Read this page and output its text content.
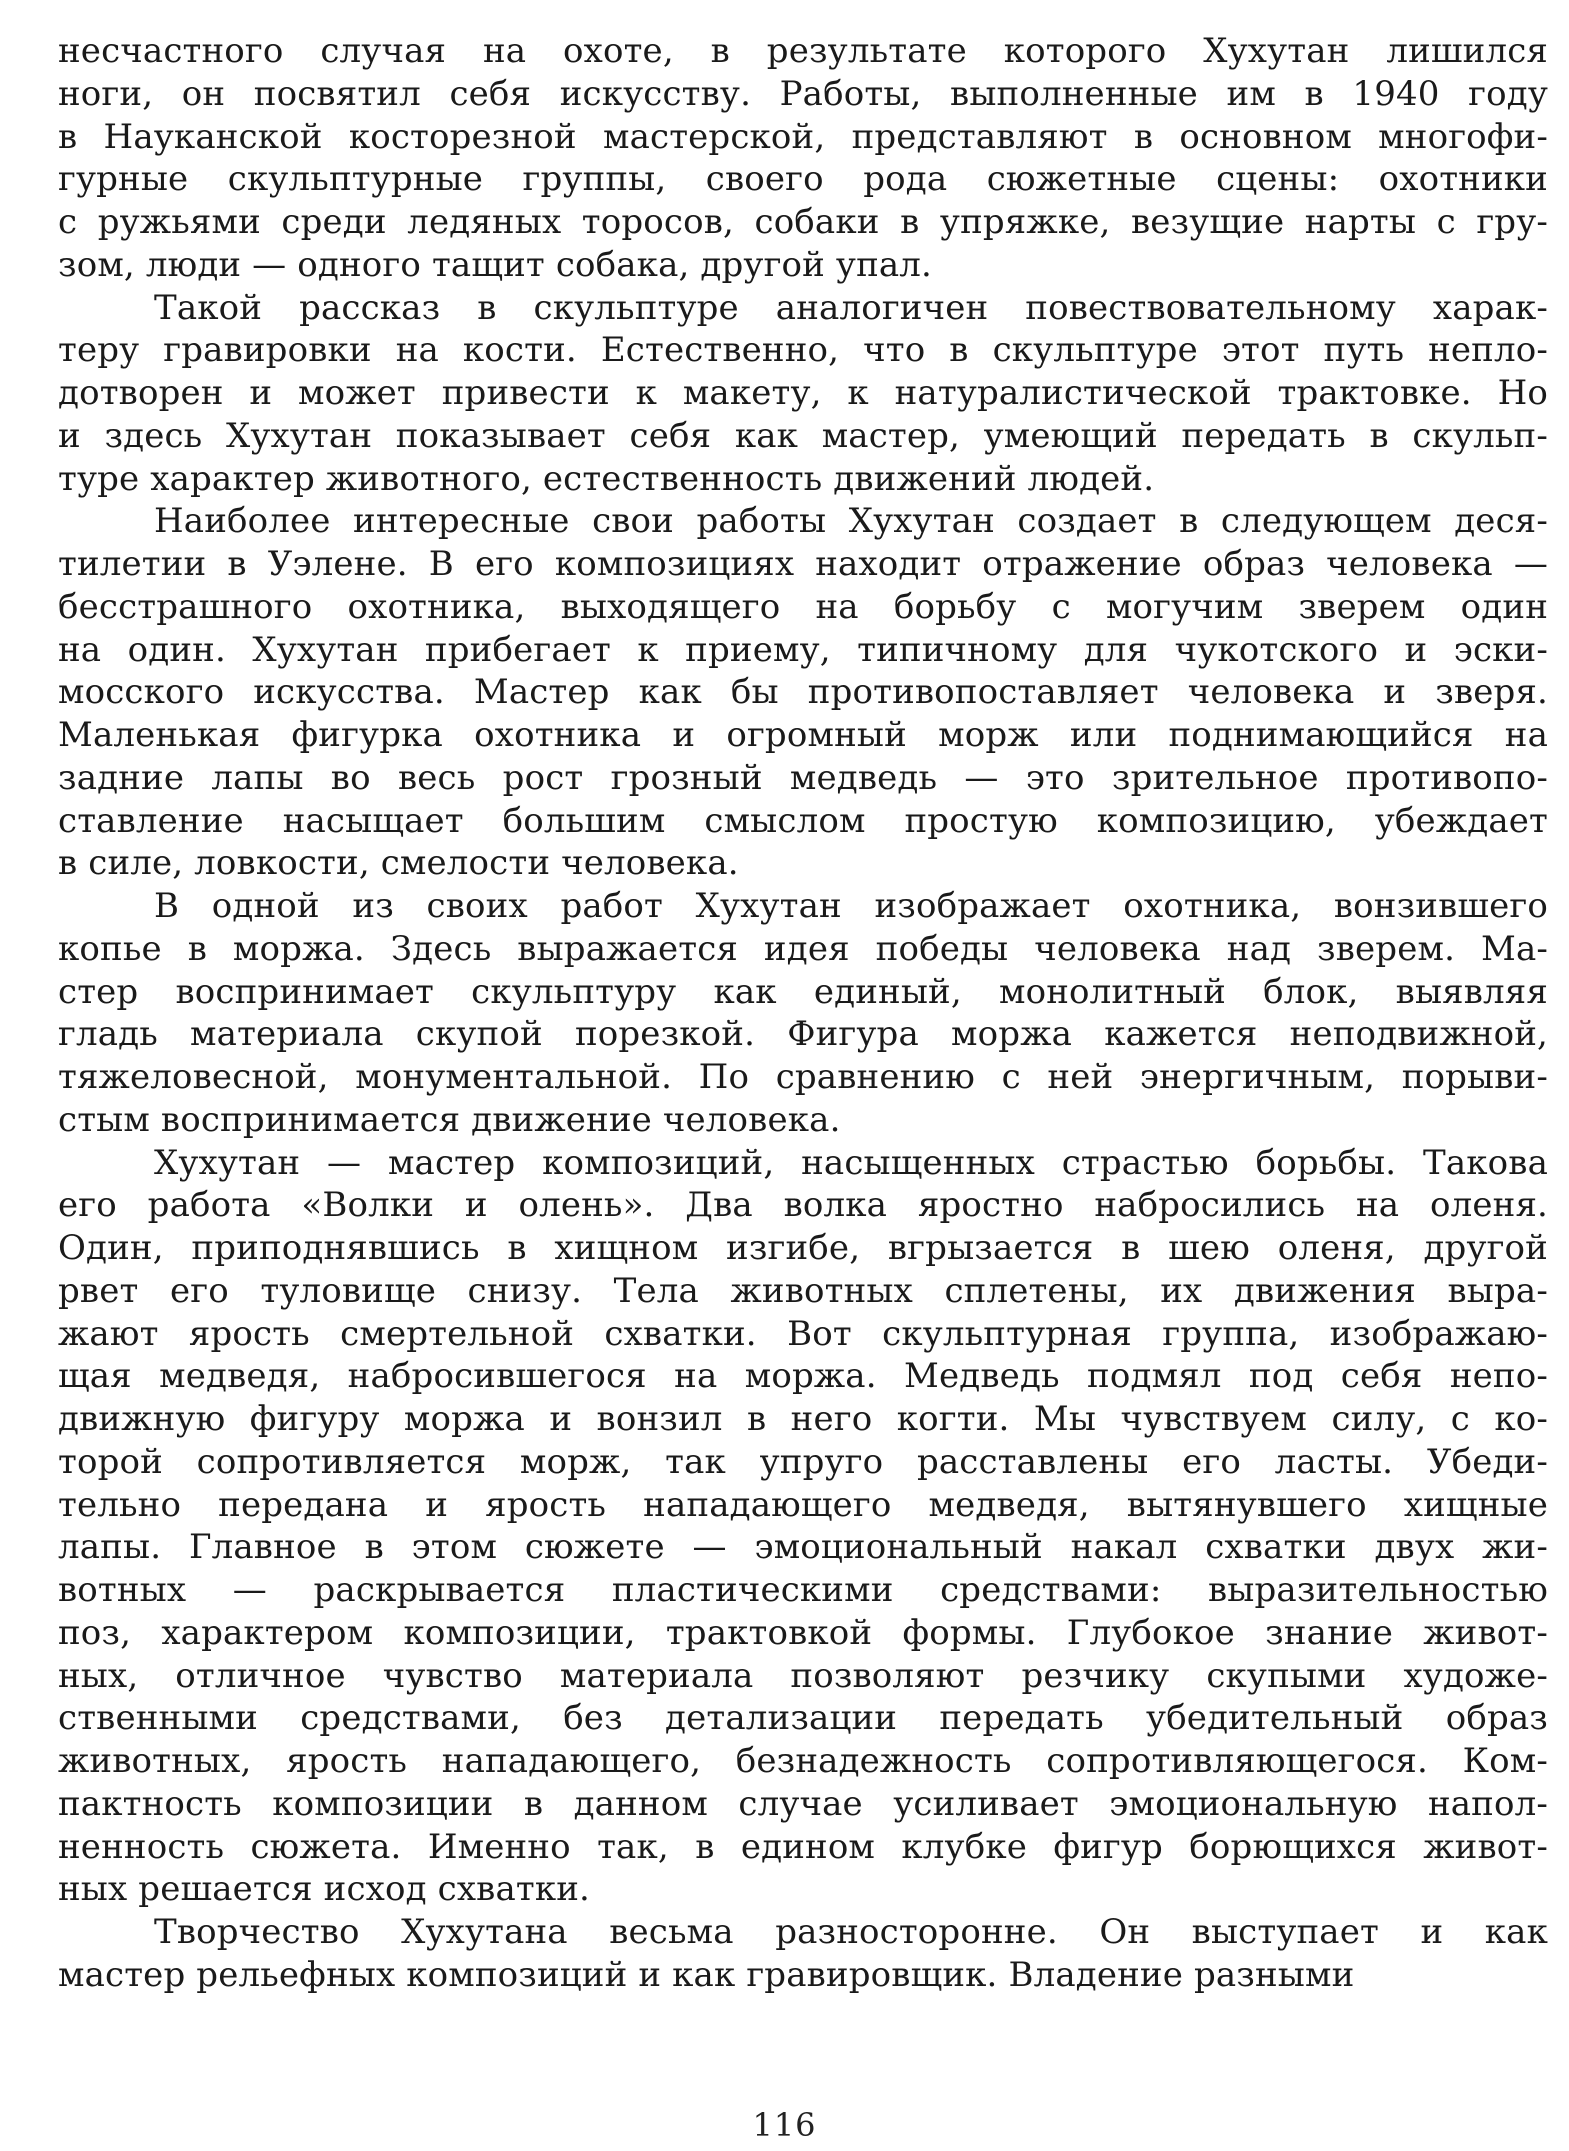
несчастного случая на охоте, в результате которого Хухутан лишился
ноги, он посвятил себя искусству. Работы, выполненные им в 1940 году
в Науканской косторезной мастерской, представляют в основном многофи-
гурные скульптурные группы, своего рода сюжетные сцены: охотники
с ружьями среди ледяных торосов, собаки в упряжке, везущие нарты с гру-
зом, люди — одного тащит собака, другой упал.
Такой рассказ в скульптуре аналогичен повествовательному харак-
теру гравировки на кости. Естественно, что в скульптуре этот путь непло-
дотворен и может привести к макету, к натуралистической трактовке. Но
и здесь Хухутан показывает себя как мастер, умеющий передать в скульп-
туре характер животного, естественность движений людей.
Наиболее интересные свои работы Хухутан создает в следующем деся-
тилетии в Уэлене. В его композициях находит отражение образ человека —
бесстрашного охотника, выходящего на борьбу с могучим зверем один
на один. Хухутан прибегает к приему, типичному для чукотского и эски-
мосского искусства. Мастер как бы противопоставляет человека и зверя.
Маленькая фигурка охотника и огромный морж или поднимающийся на
задние лапы во весь рост грозный медведь — это зрительное противопо-
ставление насыщает большим смыслом простую композицию, убеждает
в силе, ловкости, смелости человека.
В одной из своих работ Хухутан изображает охотника, вонзившего
копье в моржа. Здесь выражается идея победы человека над зверем. Ма-
стер воспринимает скульптуру как единый, монолитный блок, выявляя
гладь материала скупой порезкой. Фигура моржа кажется неподвижной,
тяжеловесной, монументальной. По сравнению с ней энергичным, порыви-
стым воспринимается движение человека.
Хухутан — мастер композиций, насыщенных страстью борьбы. Такова
его работа «Волки и олень». Два волка яростно набросились на оленя.
Один, приподнявшись в хищном изгибе, вгрызается в шею оленя, другой
рвет его туловище снизу. Тела животных сплетены, их движения выра-
жают ярость смертельной схватки. Вот скульптурная группа, изображаю-
щая медведя, набросившегося на моржа. Медведь подмял под себя непо-
движную фигуру моржа и вонзил в него когти. Мы чувствуем силу, с ко-
торой сопротивляется морж, так упруго расставлены его ласты. Убеди-
тельно передана и ярость нападающего медведя, вытянувшего хищные
лапы. Главное в этом сюжете — эмоциональный накал схватки двух жи-
вотных — раскрывается пластическими средствами: выразительностью
поз, характером композиции, трактовкой формы. Глубокое знание живот-
ных, отличное чувство материала позволяют резчику скупыми художе-
ственными средствами, без детализации передать убедительный образ
животных, ярость нападающего, безнадежность сопротивляющегося. Ком-
пактность композиции в данном случае усиливает эмоциональную напол-
ненность сюжета. Именно так, в едином клубке фигур борющихся живот-
ных решается исход схватки.
Творчество Хухутана весьма разносторонне. Он выступает и как
мастер рельефных композиций и как гравировщик. Владение разными
116
